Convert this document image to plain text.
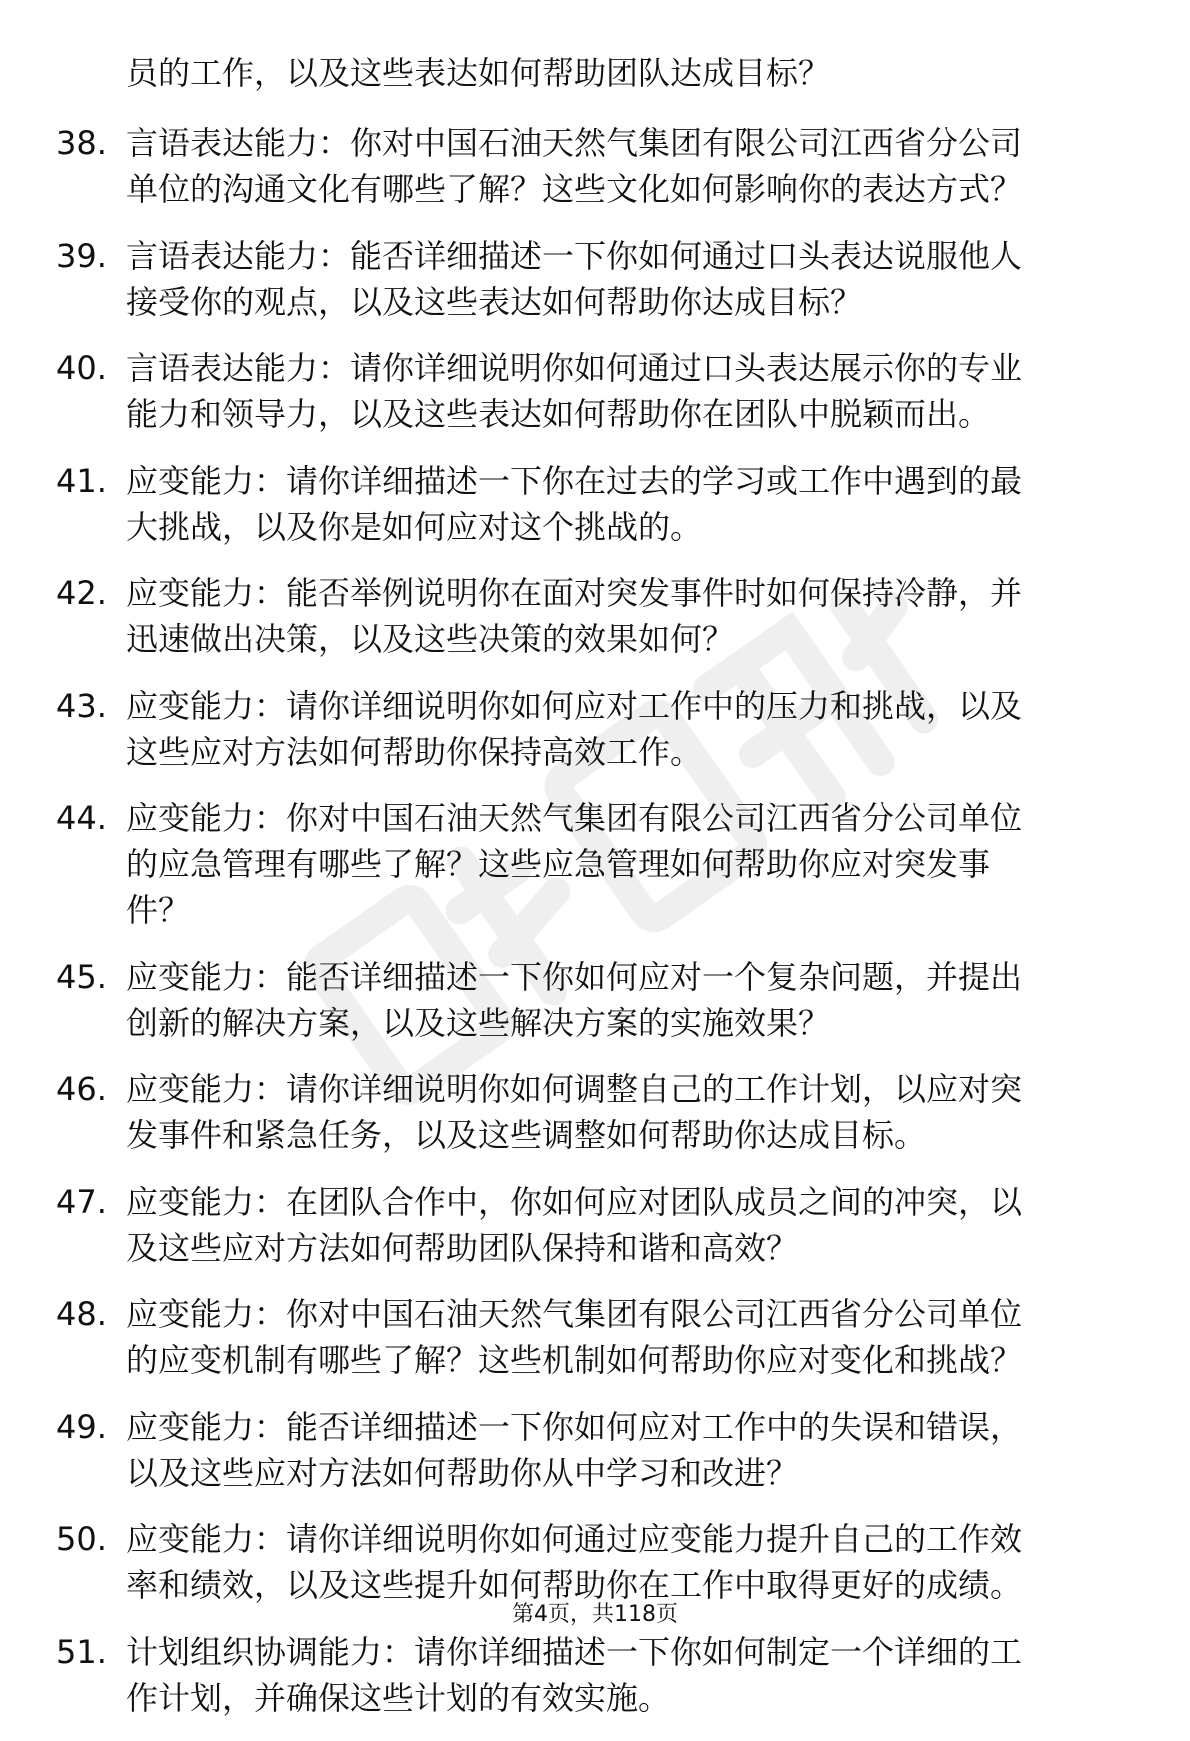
员的工作，以及这些表达如何帮助团队达成目标？
38. 言语表达能力：你对中国石油天然气集团有限公司江西省分公司
单位的沟通文化有哪些了解？这些文化如何影响你的表达方式？
39. 言语表达能力：能否详细描述一下你如何通过口头表达说服他人
接受你的观点，以及这些表达如何帮助你达成目标？
40. 言语表达能力：请你详细说明你如何通过口头表达展示你的专业
能力和领导力，以及这些表达如何帮助你在团队中脱颖而出。
41. 应变能力：请你详细描述一下你在过去的学习或工作中遇到的最
大挑战，以及你是如何应对这个挑战的。
42. 应变能力：能否举例说明你在面对突发事件时如何保持冷静，并
迅速做出决策，以及这些决策的效果如何？
43. 应变能力：请你详细说明你如何应对工作中的压力和挑战，以及
这些应对方法如何帮助你保持高效工作。
44. 应变能力：你对中国石油天然气集团有限公司江西省分公司单位
的应急管理有哪些了解？这些应急管理如何帮助你应对突发事
件？
45. 应变能力：能否详细描述一下你如何应对一个复杂问题，并提出
创新的解决方案，以及这些解决方案的实施效果？
46. 应变能力：请你详细说明你如何调整自己的工作计划，以应对突
发事件和紧急任务，以及这些调整如何帮助你达成目标。
47. 应变能力：在团队合作中，你如何应对团队成员之间的冲突，以
及这些应对方法如何帮助团队保持和谐和高效？
48. 应变能力：你对中国石油天然气集团有限公司江西省分公司单位
的应变机制有哪些了解？这些机制如何帮助你应对变化和挑战？
49. 应变能力：能否详细描述一下你如何应对工作中的失误和错误，
以及这些应对方法如何帮助你从中学习和改进？
50. 应变能力：请你详细说明你如何通过应变能力提升自己的工作效
率和绩效，以及这些提升如何帮助你在工作中取得更好的成绩。
51. 计划组织协调能力：请你详细描述一下你如何制定一个详细的工
作计划，并确保这些计划的有效实施。
第4页，共118页
